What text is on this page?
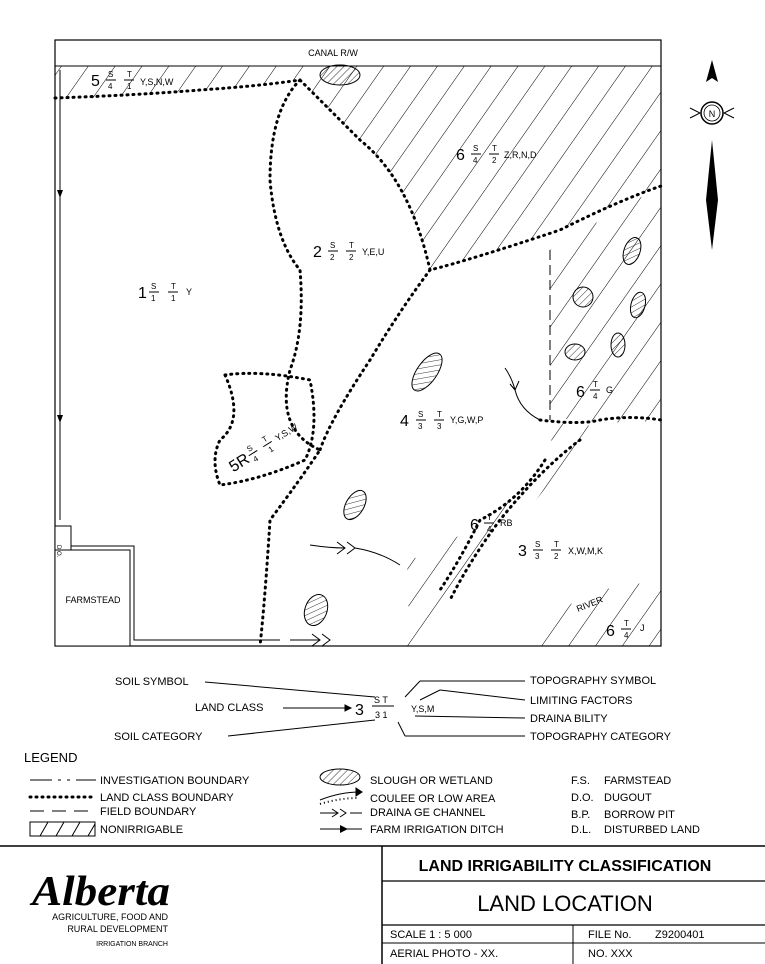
CANAL R/W
FARMSTEAD
5 S
4
T
1 Y,S,N,W
6 S
4
T
2
Z,R,N,D
2 S
2
T
2
Y,E,U
1 S
1
T
1
Y
5R
S
4
T
1
Y,S,W
4 S
3
T
3
Y,G,W,P
6 T
4
G
6 T
4
RB
3 S
3
T
2
X,W,M,K
6 T
4
J
RIVER
D.O.
N
SOIL SYMBOL
LAND CLASS
SOIL CATEGORY
TOPOGRAPHY SYMBOL
LIMITING FACTORS
DRAINA BILITY
TOPOGRAPHY CATEGORY
3
S T
3 1
Y,S,M
LEGEND
INVESTIGATION BOUNDARY
LAND CLASS BOUNDARY
FIELD BOUNDARY
NONIRRIGABLE
SLOUGH OR WETLAND
COULEE OR LOW AREA
DRAINA GE CHANNEL
FARM IRRIGATION DITCH
F.S. FARMSTEAD
D.O. DUGOUT
B.P. BORROW PIT
D.L. DISTURBED LAND
Alberta
AGRICULTURE, FOOD AND
RURAL DEVELOPMENT
IRRIGATION BRANCH
LAND IRRIGABILITY CLASSIFICATION
LAND LOCATION
SCALE 1 : 5 000	FILE No. Z9200401
AERIAL PHOTO - XX.	NO. XXX
